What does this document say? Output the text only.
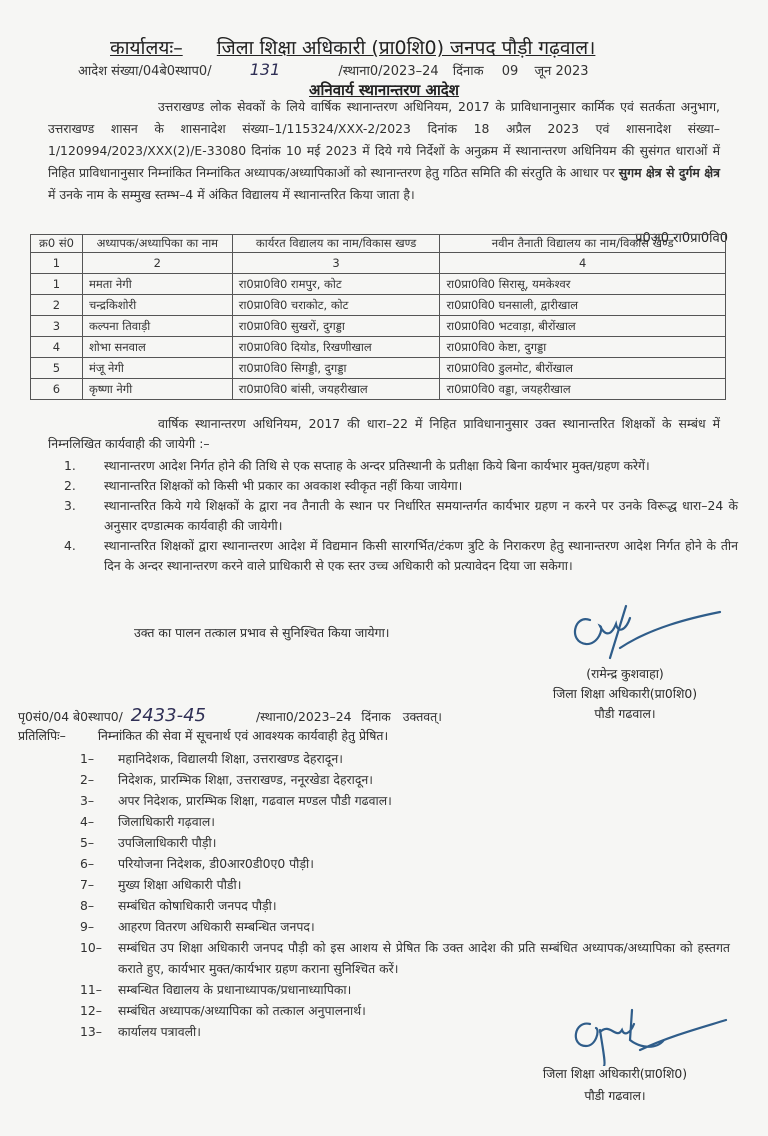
कार्यालयः– जिला शिक्षा अधिकारी (प्रा0शि0) जनपद पौड़ी गढ़वाल।
आदेश संख्या/04बे0स्थाप0/ 131	/स्थाना0/2023–24 दिंनाक 09 जून 2023
अनिवार्य स्थानान्तरण आदेश
उत्तराखण्ड लोक सेवकों के लिये वार्षिक स्थानान्तरण अधिनियम, 2017 के प्राविधानानुसार कार्मिक एवं सतर्कता अनुभाग, उत्तराखण्ड शासन के शासनादेश संख्या–1/115324/XXX-2/2023 दिनांक 18 अप्रैल 2023 एवं शासनादेश संख्या–1/120994/2023/XXX(2)/E-33080 दिनांक 10 मई 2023 में दिये गये निर्देशों के अनुक्रम में स्थानान्तरण अधिनियम की सुसंगत धाराओं में निहित प्राविधानानुसार निम्नांकित निम्नांकित अध्यापक/अध्यापिकाओं को स्थानान्तरण हेतु गठित समिति की संरतुति के आधार पर सुगम क्षेत्र से दुर्गम क्षेत्र में उनके नाम के सम्मुख स्तम्भ–4 में अंकित विद्यालय में स्थानान्तरित किया जाता है।
प्र0अ0 रा0प्रा0वि0
क्र0 सं0	अध्यापक/अध्यापिका का नाम	कार्यरत विद्यालय का नाम/विकास खण्ड	नवीन तैनाती विद्यालय का नाम/विकास खण्ड
1	2	3	4
1	ममता नेगी	रा0प्रा0वि0 रामपुर, कोट	रा0प्रा0वि0 सिरासू, यमकेश्वर
2	चन्द्रकिशोरी	रा0प्रा0वि0 चराकोट, कोट	रा0प्रा0वि0 घनसाली, द्वारीखाल
3	कल्पना तिवाड़ी	रा0प्रा0वि0 सुखरों, दुगड्डा	रा0प्रा0वि0 भटवाड़ा, बीरोंखाल
4	शोभा सनवाल	रा0प्रा0वि0 दियोड, रिखणीखाल	रा0प्रा0वि0 केष्टा, दुगड्डा
5	मंजू नेगी	रा0प्रा0वि0 सिगड्डी, दुगड्डा	रा0प्रा0वि0 डुलमोट, बीरोंखाल
6	कृष्णा नेगी	रा0प्रा0वि0 बांसी, जयहरीखाल	रा0प्रा0वि0 वड्डा, जयहरीखाल
वार्षिक स्थानान्तरण अधिनियम, 2017 की धारा–22 में निहित प्राविधानानुसार उक्त स्थानान्तरित शिक्षकों के सम्बंध में निम्नलिखित कार्यवाही की जायेगी :–
1.	स्थानान्तरण आदेश निर्गत होने की तिथि से एक सप्ताह के अन्दर प्रतिस्थानी के प्रतीक्षा किये बिना कार्यभार मुक्त/ग्रहण करेगें।
2.	स्थानान्तरित शिक्षकों को किसी भी प्रकार का अवकाश स्वीकृत नहीं किया जायेगा।
3.	स्थानान्तरित किये गये शिक्षकों के द्वारा नव तैनाती के स्थान पर निर्धारित समयान्तर्गत कार्यभार ग्रहण न करने पर उनके विरूद्ध धारा–24 के अनुसार दण्डात्मक कार्यवाही की जायेगी।
4.	स्थानान्तरित शिक्षकों द्वारा स्थानान्तरण आदेश में विद्यमान किसी सारगर्भित/टंकण त्रुटि के निराकरण हेतु स्थानान्तरण आदेश निर्गत होने के तीन दिन के अन्दर स्थानान्तरण करने वाले प्राधिकारी से एक स्तर उच्च अधिकारी को प्रत्यावेदन दिया जा सकेगा।
उक्त का पालन तत्काल प्रभाव से सुनिश्चित किया जायेगा।
(रामेन्द्र कुशवाहा)
जिला शिक्षा अधिकारी(प्रा0शि0)
पौडी गढवाल।
पृ0सं0/04 बे0स्थाप0/ 2433-45	/स्थाना0/2023–24 दिंनाक उक्तवत्।
प्रतिलिपिः–	निम्नांकित की सेवा में सूचनार्थ एवं आवश्यक कार्यवाही हेतु प्रेषित।
1–	महानिदेशक, विद्यालयी शिक्षा, उत्तराखण्ड देहरादून।
2–	निदेशक, प्रारम्भिक शिक्षा, उत्तराखण्ड, ननूरखेडा देहरादून।
3–	अपर निदेशक, प्रारम्भिक शिक्षा, गढवाल मण्डल पौडी गढवाल।
4–	जिलाधिकारी गढ़वाल।
5–	उपजिलाधिकारी पौड़ी।
6–	परियोजना निदेशक, डी0आर0डी0ए0 पौड़ी।
7–	मुख्य शिक्षा अधिकारी पौडी।
8–	सम्बंधित कोषाधिकारी जनपद पौड़ी।
9–	आहरण वितरण अधिकारी सम्बन्धित जनपद।
10–	सम्बंधित उप शिक्षा अधिकारी जनपद पौड़ी को इस आशय से प्रेषित कि उक्त आदेश की प्रति सम्बंधित अध्यापक/अध्यापिका को हस्तगत कराते हुए, कार्यभार मुक्त/कार्यभार ग्रहण कराना सुनिश्चित करें।
11–	सम्बन्धित विद्यालय के प्रधानाध्यापक/प्रधानाध्यापिका।
12–	सम्बंधित अध्यापक/अध्यापिका को तत्काल अनुपालनार्थ।
13–	कार्यालय पत्रावली।
जिला शिक्षा अधिकारी(प्रा0शि0)
पौडी गढवाल।
